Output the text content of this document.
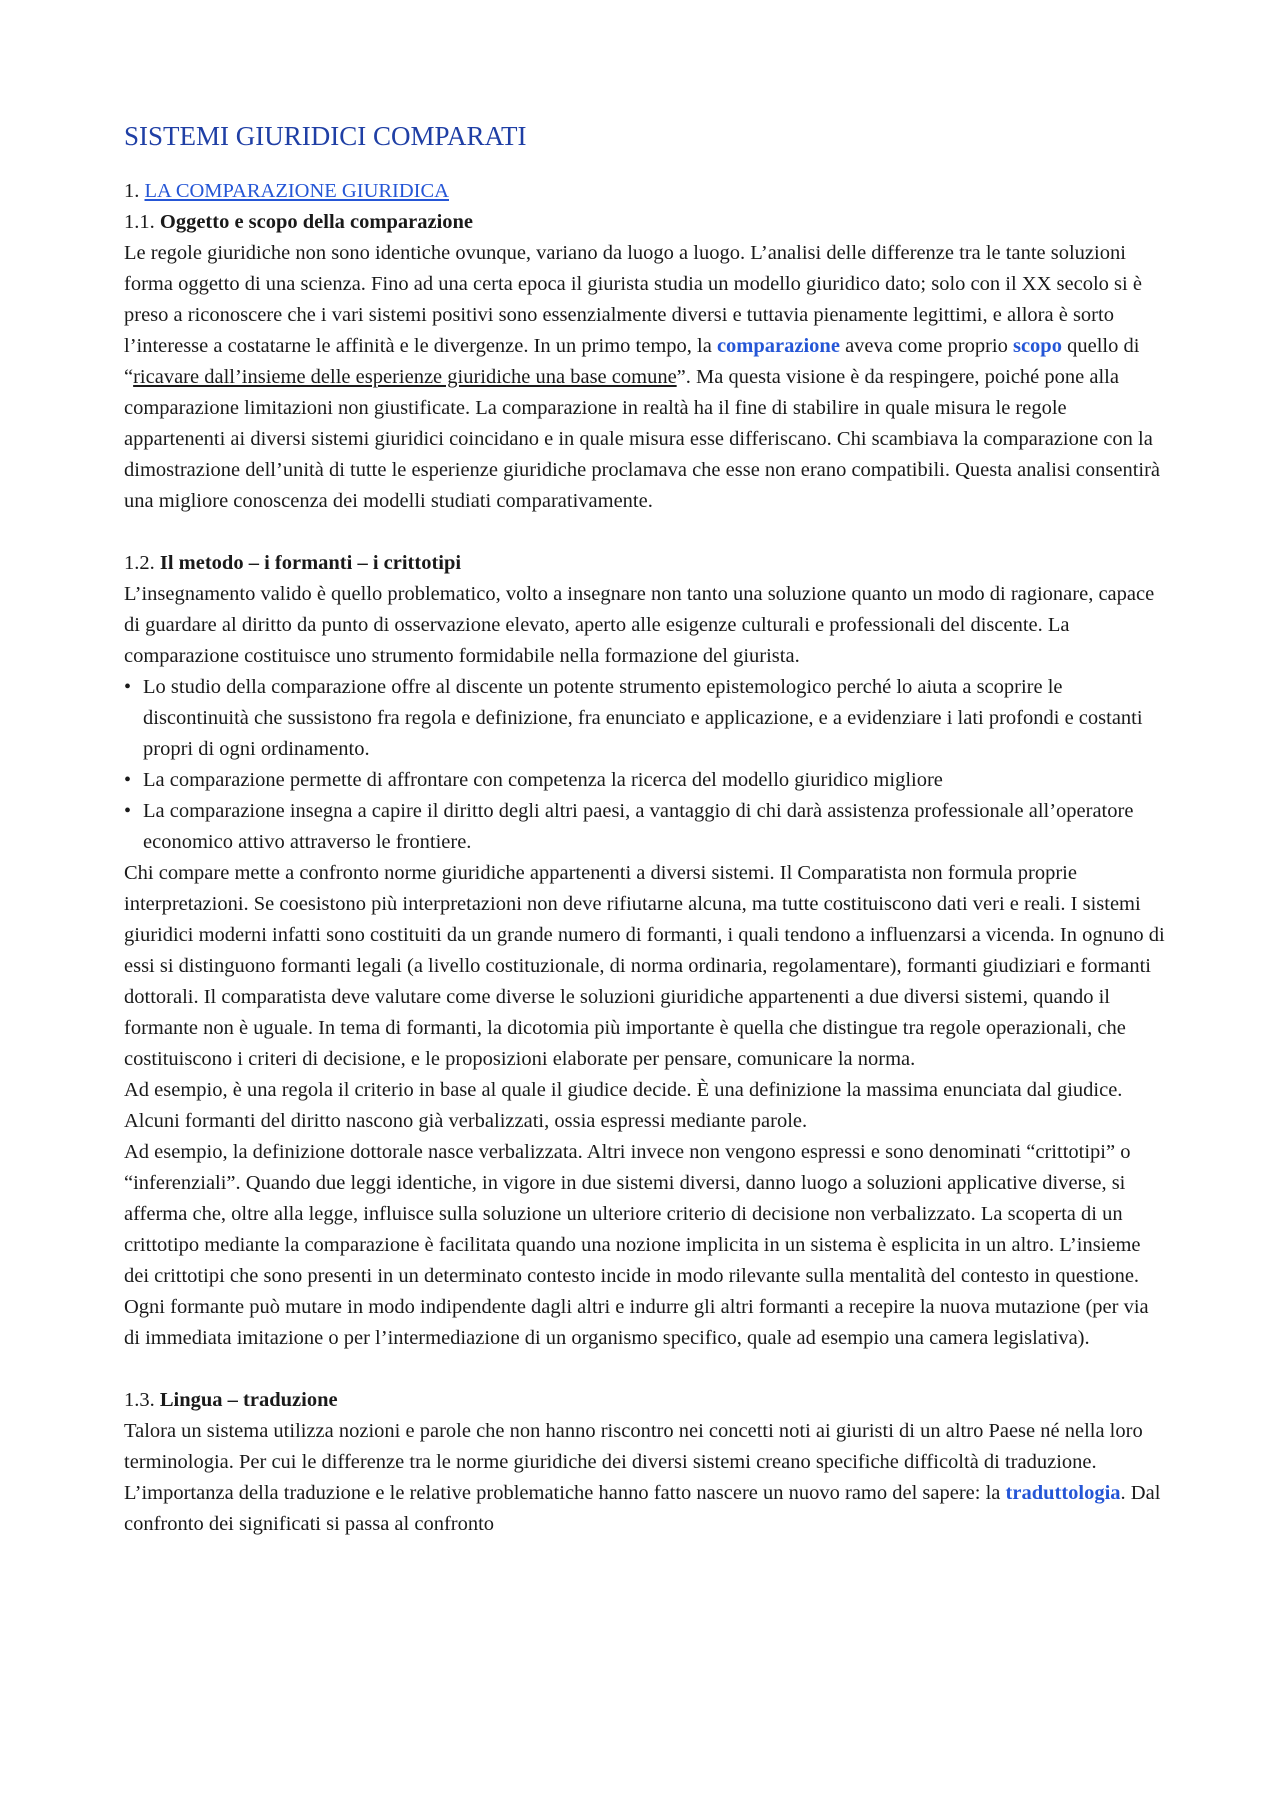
SISTEMI GIURIDICI COMPARATI

1. LA COMPARAZIONE GIURIDICA

1.1. Oggetto e scopo della comparazione

Le regole giuridiche non sono identiche ovunque, variano da luogo a luogo. L’analisi delle differenze tra le tante soluzioni forma oggetto di una scienza. Fino ad una certa epoca il giurista studia un modello giuridico dato; solo con il XX secolo si è preso a riconoscere che i vari sistemi positivi sono essenzialmente diversi e tuttavia pienamente legittimi, e allora è sorto l’interesse a costatarne le affinità e le divergenze. In un primo tempo, la comparazione aveva come proprio scopo quello di “ricavare dall’insieme delle esperienze giuridiche una base comune”. Ma questa visione è da respingere, poiché pone alla comparazione limitazioni non giustificate. La comparazione in realtà ha il fine di stabilire in quale misura le regole appartenenti ai diversi sistemi giuridici coincidano e in quale misura esse differiscano. Chi scambiava la comparazione con la dimostrazione dell’unità di tutte le esperienze giuridiche proclamava che esse non erano compatibili. Questa analisi consentirà una migliore conoscenza dei modelli studiati comparativamente.

1.2. Il metodo – i formanti – i crittotipi

L’insegnamento valido è quello problematico, volto a insegnare non tanto una soluzione quanto un modo di ragionare, capace di guardare al diritto da punto di osservazione elevato, aperto alle esigenze culturali e professionali del discente. La comparazione costituisce uno strumento formidabile nella formazione del giurista.

• Lo studio della comparazione offre al discente un potente strumento epistemologico perché lo aiuta a scoprire le discontinuità che sussistono fra regola e definizione, fra enunciato e applicazione, e a evidenziare i lati profondi e costanti propri di ogni ordinamento.
• La comparazione permette di affrontare con competenza la ricerca del modello giuridico migliore
• La comparazione insegna a capire il diritto degli altri paesi, a vantaggio di chi darà assistenza professionale all’operatore economico attivo attraverso le frontiere.

Chi compare mette a confronto norme giuridiche appartenenti a diversi sistemi. Il Comparatista non formula proprie interpretazioni. Se coesistono più interpretazioni non deve rifiutarne alcuna, ma tutte costituiscono dati veri e reali. I sistemi giuridici moderni infatti sono costituiti da un grande numero di formanti, i quali tendono a influenzarsi a vicenda. In ognuno di essi si distinguono formanti legali (a livello costituzionale, di norma ordinaria, regolamentare), formanti giudiziari e formanti dottorali. Il comparatista deve valutare come diverse le soluzioni giuridiche appartenenti a due diversi sistemi, quando il formante non è uguale. In tema di formanti, la dicotomia più importante è quella che distingue tra regole operazionali, che costituiscono i criteri di decisione, e le proposizioni elaborate per pensare, comunicare la norma.

Ad esempio, è una regola il criterio in base al quale il giudice decide. È una definizione la massima enunciata dal giudice. Alcuni formanti del diritto nascono già verbalizzati, ossia espressi mediante parole.

Ad esempio, la definizione dottorale nasce verbalizzata. Altri invece non vengono espressi e sono denominati “crittotipi” o “inferenziali”. Quando due leggi identiche, in vigore in due sistemi diversi, danno luogo a soluzioni applicative diverse, si afferma che, oltre alla legge, influisce sulla soluzione un ulteriore criterio di decisione non verbalizzato. La scoperta di un crittotipo mediante la comparazione è facilitata quando una nozione implicita in un sistema è esplicita in un altro. L’insieme dei crittotipi che sono presenti in un determinato contesto incide in modo rilevante sulla mentalità del contesto in questione.

Ogni formante può mutare in modo indipendente dagli altri e indurre gli altri formanti a recepire la nuova mutazione (per via di immediata imitazione o per l’intermediazione di un organismo specifico, quale ad esempio una camera legislativa).

1.3. Lingua – traduzione

Talora un sistema utilizza nozioni e parole che non hanno riscontro nei concetti noti ai giuristi di un altro Paese né nella loro terminologia. Per cui le differenze tra le norme giuridiche dei diversi sistemi creano specifiche difficoltà di traduzione. L’importanza della traduzione e le relative problematiche hanno fatto nascere un nuovo ramo del sapere: la traduttologia. Dal confronto dei significati si passa al confronto
